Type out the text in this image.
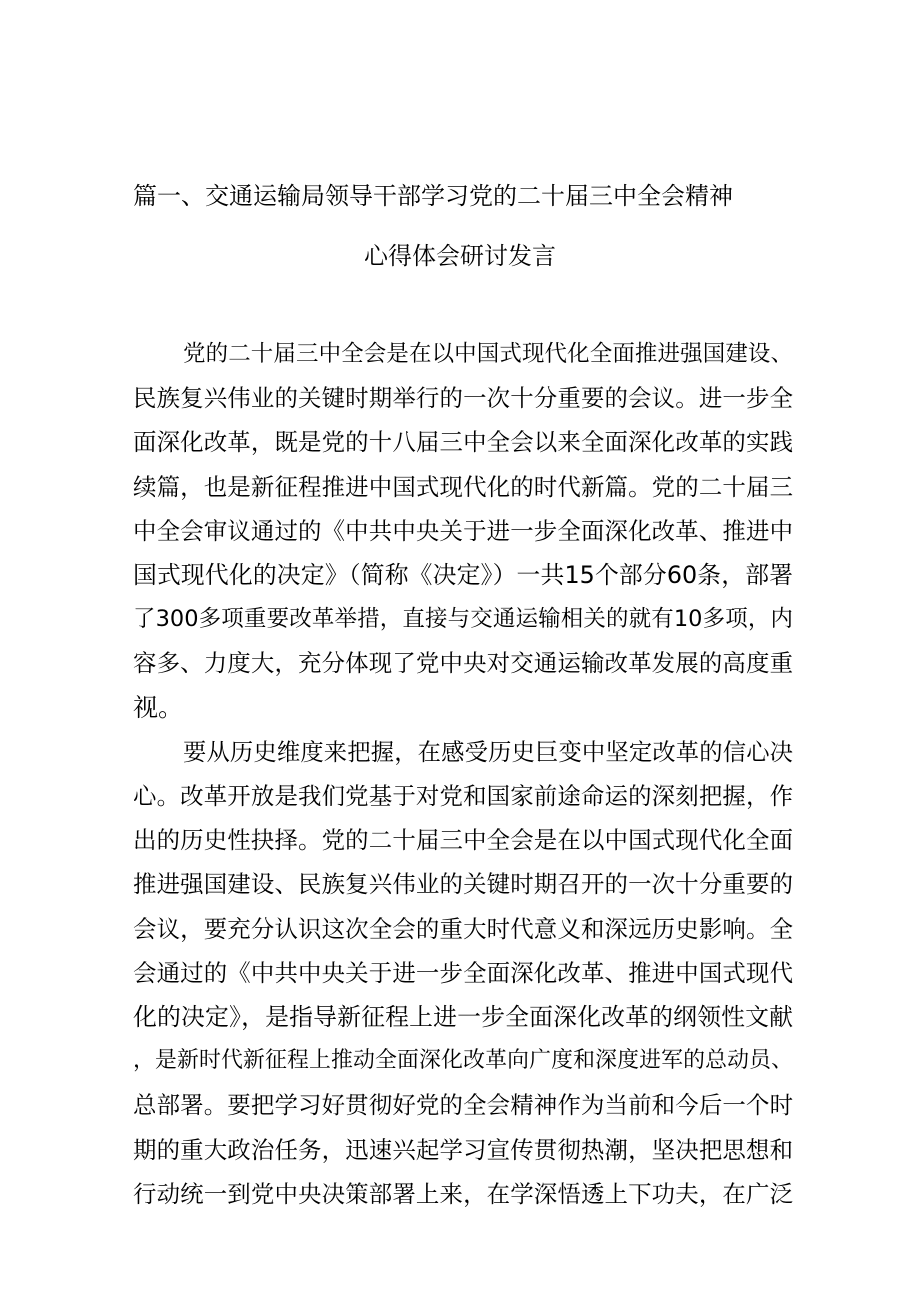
篇一、交通运输局领导干部学习党的二十届三中全会精神
心得体会研讨发言

党的二十届三中全会是在以中国式现代化全面推进强国建设、
民族复兴伟业的关键时期举行的一次十分重要的会议。进一步全
面深化改革，既是党的十八届三中全会以来全面深化改革的实践
续篇，也是新征程推进中国式现代化的时代新篇。党的二十届三
中全会审议通过的《中共中央关于进一步全面深化改革、推进中
国式现代化的决定》（简称《决定》）一共15个部分60条，部署
了300多项重要改革举措，直接与交通运输相关的就有10多项，内
容多、力度大，充分体现了党中央对交通运输改革发展的高度重
视。

要从历史维度来把握，在感受历史巨变中坚定改革的信心决
心。改革开放是我们党基于对党和国家前途命运的深刻把握，作
出的历史性抉择。党的二十届三中全会是在以中国式现代化全面
推进强国建设、民族复兴伟业的关键时期召开的一次十分重要的
会议，要充分认识这次全会的重大时代意义和深远历史影响。全
会通过的《中共中央关于进一步全面深化改革、推进中国式现代
化的决定》，是指导新征程上进一步全面深化改革的纲领性文献
，是新时代新征程上推动全面深化改革向广度和深度进军的总动员、
总部署。要把学习好贯彻好党的全会精神作为当前和今后一个时
期的重大政治任务，迅速兴起学习宣传贯彻热潮，坚决把思想和
行动统一到党中央决策部署上来，在学深悟透上下功夫，在广泛
